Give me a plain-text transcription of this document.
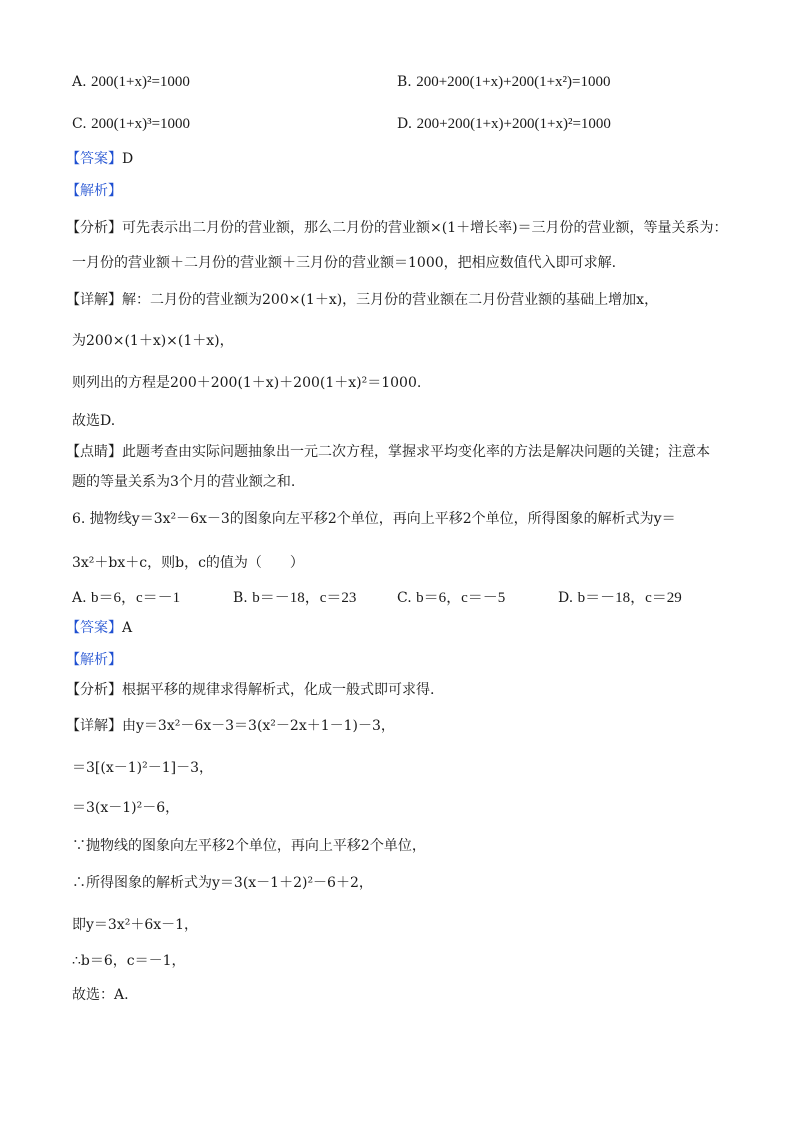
A. 200(1+x)²=1000	B. 200+200(1+x)+200(1+x²)=1000
C. 200(1+x)³=1000	D. 200+200(1+x)+200(1+x)²=1000
【答案】D
【解析】
【分析】可先表示出二月份的营业额，那么二月份的营业额×(1＋增长率)＝三月份的营业额，等量关系为：
一月份的营业额＋二月份的营业额＋三月份的营业额＝1000，把相应数值代入即可求解.
【详解】解：二月份的营业额为200×(1＋x)，三月份的营业额在二月份营业额的基础上增加x，
为200×(1＋x)×(1＋x)，
则列出的方程是200＋200(1＋x)＋200(1＋x)²＝1000.
故选D.
【点睛】此题考查由实际问题抽象出一元二次方程，掌握求平均变化率的方法是解决问题的关键；注意本
题的等量关系为3个月的营业额之和.
6. 抛物线y＝3x²－6x－3的图象向左平移2个单位，再向上平移2个单位，所得图象的解析式为y＝
3x²＋bx＋c，则b，c的值为（　　）
A. b＝6，c＝－1	B. b＝－18，c＝23	C. b＝6，c＝－5	D. b＝－18，c＝29
【答案】A
【解析】
【分析】根据平移的规律求得解析式，化成一般式即可求得.
【详解】由y＝3x²－6x－3＝3(x²－2x＋1－1)－3，
＝3[(x－1)²－1]－3，
＝3(x－1)²－6，
∵抛物线的图象向左平移2个单位，再向上平移2个单位，
∴所得图象的解析式为y＝3(x－1＋2)²－6＋2，
即y＝3x²＋6x－1，
∴b＝6，c＝－1，
故选：A.
